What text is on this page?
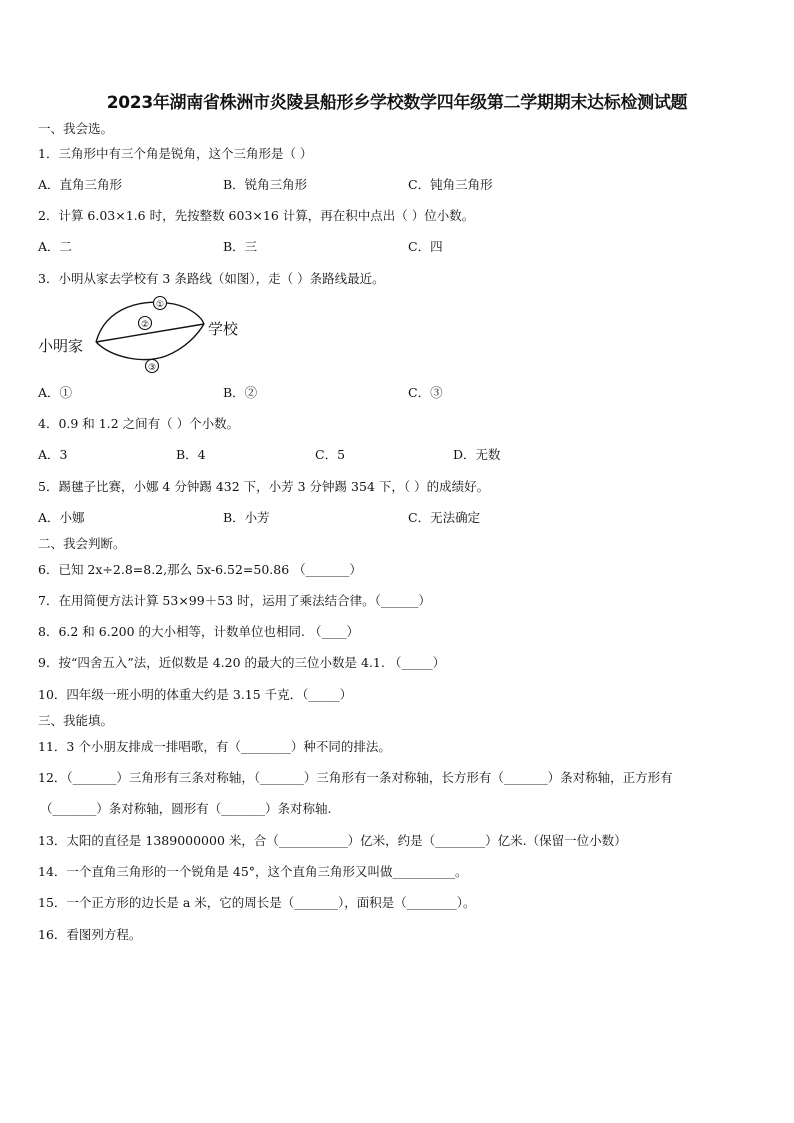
2023年湖南省株洲市炎陵县船形乡学校数学四年级第二学期期末达标检测试题
一、我会选。
1．三角形中有三个角是锐角，这个三角形是（ ）
A．直角三角形	B．锐角三角形	C．钝角三角形
2．计算 6.03×1.6 时，先按整数 603×16 计算，再在积中点出（ ）位小数。
A．二	B．三	C．四
3．小明从家去学校有 3 条路线（如图），走（ ）条路线最近。
①
②
③
小明家
学校
A．①	B．②	C．③
4．0.9 和 1.2 之间有（ ）个小数。
A．3	B．4	C．5	D．无数
5．踢毽子比赛，小娜 4 分钟踢 432 下，小芳 3 分钟踢 354 下，（ ）的成绩好。
A．小娜	B．小芳	C．无法确定
二、我会判断。
6．已知 2x÷2.8=8.2,那么 5x-6.52=50.86 （_______）
7．在用简便方法计算 53×99＋53 时，运用了乘法结合律。（______）
8．6.2 和 6.200 的大小相等，计数单位也相同. （____）
9．按“四舍五入”法，近似数是 4.20 的最大的三位小数是 4.1. （_____）
10．四年级一班小明的体重大约是 3.15 千克．（_____）
三、我能填。
11．3 个小朋友排成一排唱歌，有（________）种不同的排法。
12．（_______）三角形有三条对称轴，（_______）三角形有一条对称轴，长方形有（_______）条对称轴，正方形有
（_______）条对称轴，圆形有（_______）条对称轴.
13．太阳的直径是 1389000000 米，合（___________）亿米，约是（________）亿米.（保留一位小数）
14．一个直角三角形的一个锐角是 45°，这个直角三角形又叫做__________。
15．一个正方形的边长是 a 米，它的周长是（_______），面积是（________）。
16．看图列方程。
